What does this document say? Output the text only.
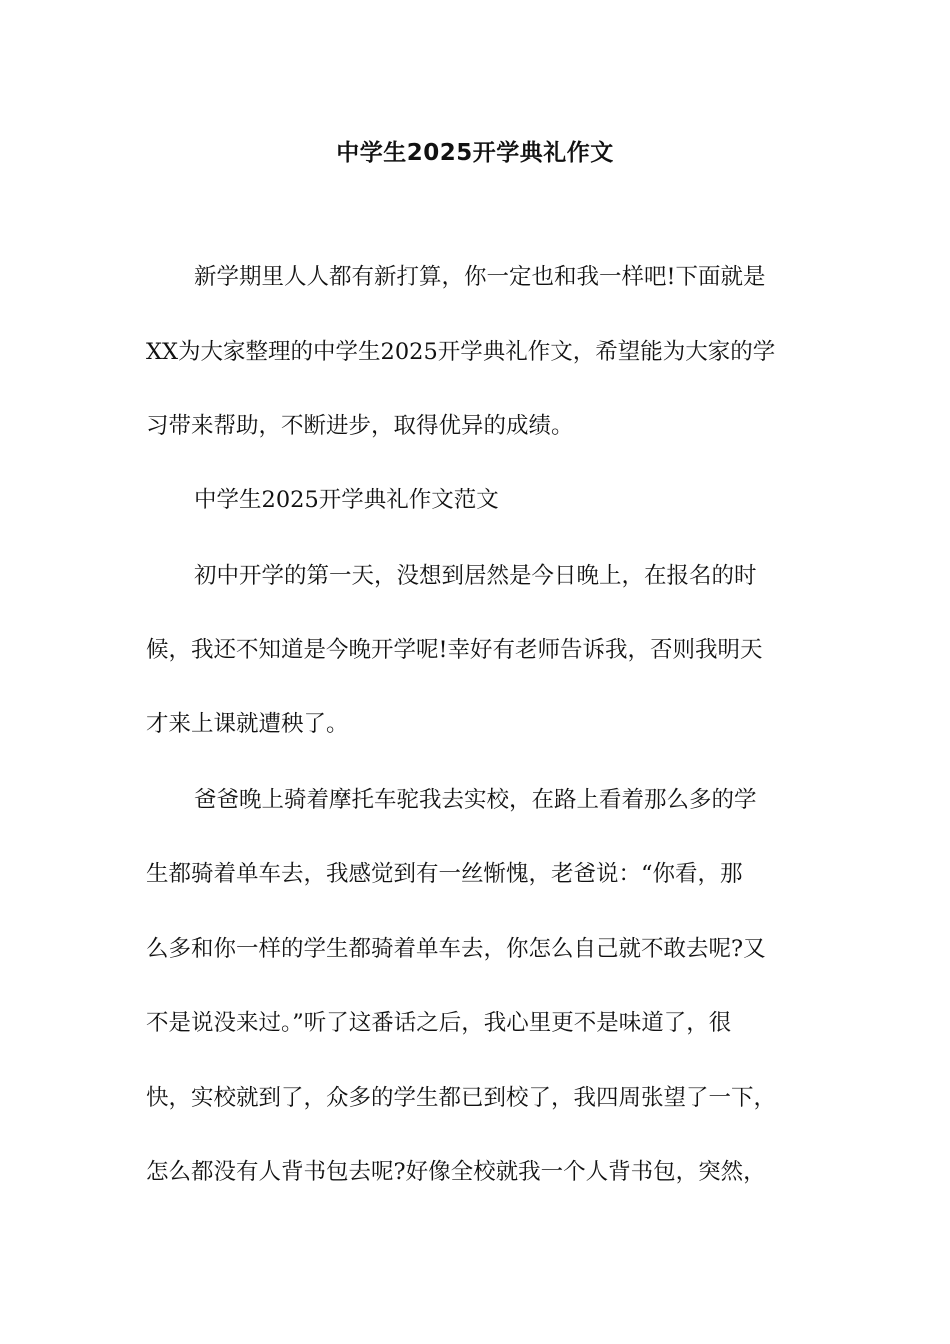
中学生2025开学典礼作文

新学期里人人都有新打算，你一定也和我一样吧!下面就是

XX为大家整理的中学生2025开学典礼作文，希望能为大家的学

习带来帮助，不断进步，取得优异的成绩。

中学生2025开学典礼作文范文

初中开学的第一天，没想到居然是今日晚上，在报名的时

候，我还不知道是今晚开学呢!幸好有老师告诉我，否则我明天

才来上课就遭秧了。

爸爸晚上骑着摩托车驼我去实校，在路上看着那么多的学

生都骑着单车去，我感觉到有一丝惭愧，老爸说：“你看，那

么多和你一样的学生都骑着单车去，你怎么自己就不敢去呢?又

不是说没来过。”听了这番话之后，我心里更不是味道了，很

快，实校就到了，众多的学生都已到校了，我四周张望了一下，

怎么都没有人背书包去呢?好像全校就我一个人背书包，突然，
